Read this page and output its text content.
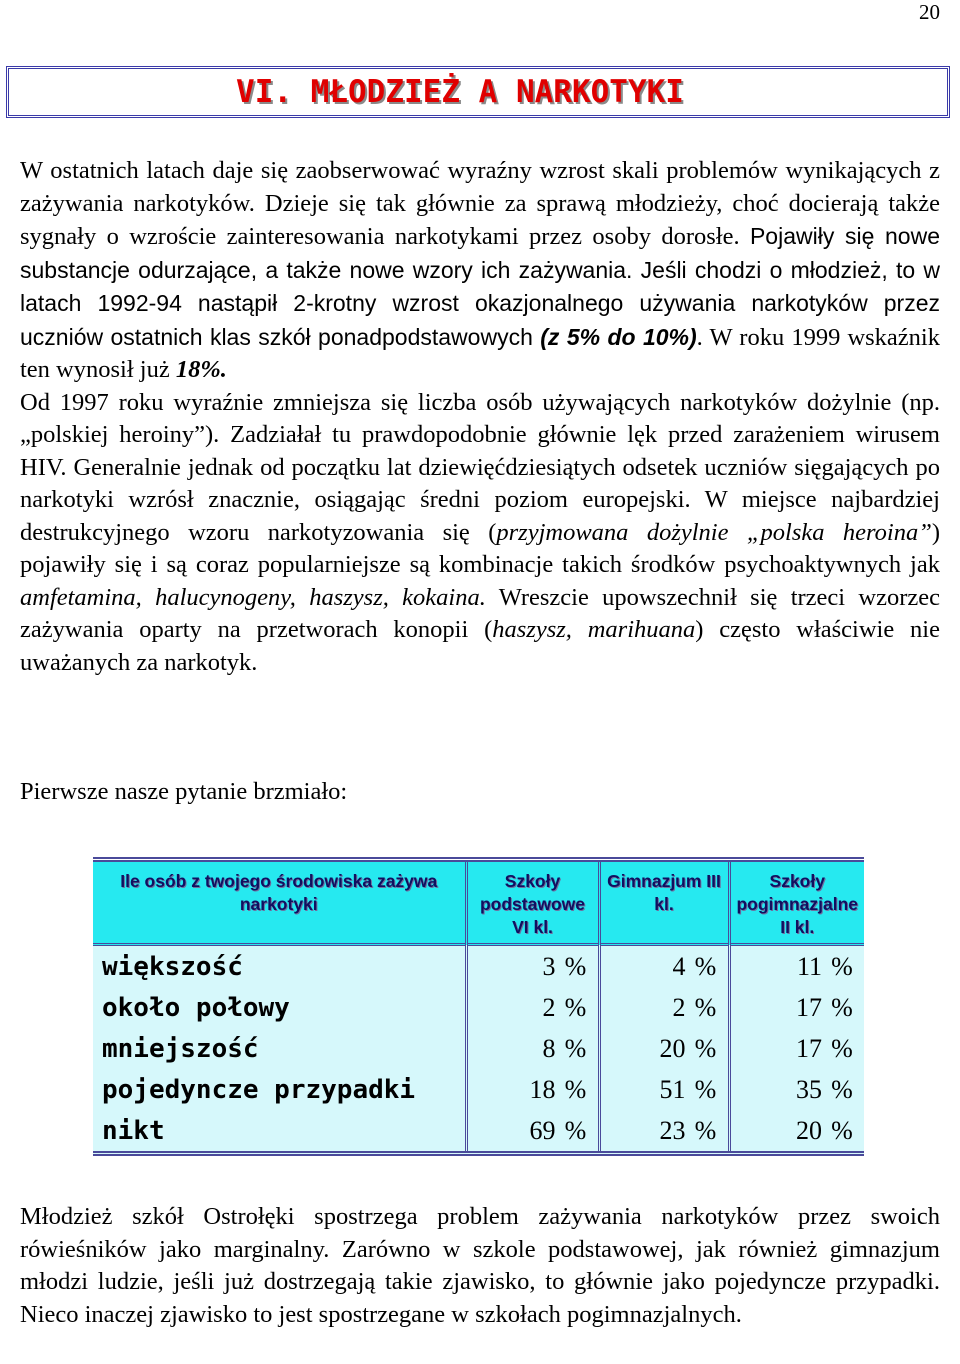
20
VI. MŁODZIEŻ A NARKOTYKI

W ostatnich latach daje się zaobserwować wyraźny wzrost skali problemów wynikających z zażywania narkotyków. Dzieje się tak głównie za sprawą młodzieży, choć docierają także sygnały o wzroście zainteresowania narkotykami przez osoby dorosłe. Pojawiły się nowe substancje odurzające, a także nowe wzory ich zażywania. Jeśli chodzi o młodzież, to w latach 1992-94 nastąpił 2-krotny wzrost okazjonalnego używania narkotyków przez uczniów ostatnich klas szkół ponadpodstawowych (z 5% do 10%). W roku 1999 wskaźnik ten wynosił już 18%.
Od 1997 roku wyraźnie zmniejsza się liczba osób używających narkotyków dożylnie (np. „polskiej heroiny”). Zadziałał tu prawdopodobnie głównie lęk przed zarażeniem wirusem HIV. Generalnie jednak od początku lat dziewięćdziesiątych odsetek uczniów sięgających po narkotyki wzrósł znacznie, osiągając średni poziom europejski. W miejsce najbardziej destrukcyjnego wzoru narkotyzowania się (przyjmowana dożylnie „polska heroina”) pojawiły się i są coraz popularniejsze są kombinacje takich środków psychoaktywnych jak amfetamina, halucynogeny, haszysz, kokaina. Wreszcie upowszechnił się trzeci wzorzec zażywania oparty na przetworach konopii (haszysz, marihuana) często właściwie nie uważanych za narkotyk.

Pierwsze nasze pytanie brzmiało:
Ile osób z twojego środowiska zażywa narkotyki	Szkoły podstawowe VI kl.	Gimnazjum III kl.	Szkoły pogimnazjalne II kl.
większość	3 %	4 %	11 %
około połowy	2 %	2 %	17 %
mniejszość	8 %	20 %	17 %
pojedyncze przypadki	18 %	51 %	35 %
nikt	69 %	23 %	20 %

Młodzież szkół Ostrołęki spostrzega problem zażywania narkotyków przez swoich rówieśników jako marginalny. Zarówno w szkole podstawowej, jak również gimnazjum młodzi ludzie, jeśli już dostrzegają takie zjawisko, to głównie jako pojedyncze przypadki. Nieco inaczej zjawisko to jest spostrzegane w szkołach pogimnazjalnych.
